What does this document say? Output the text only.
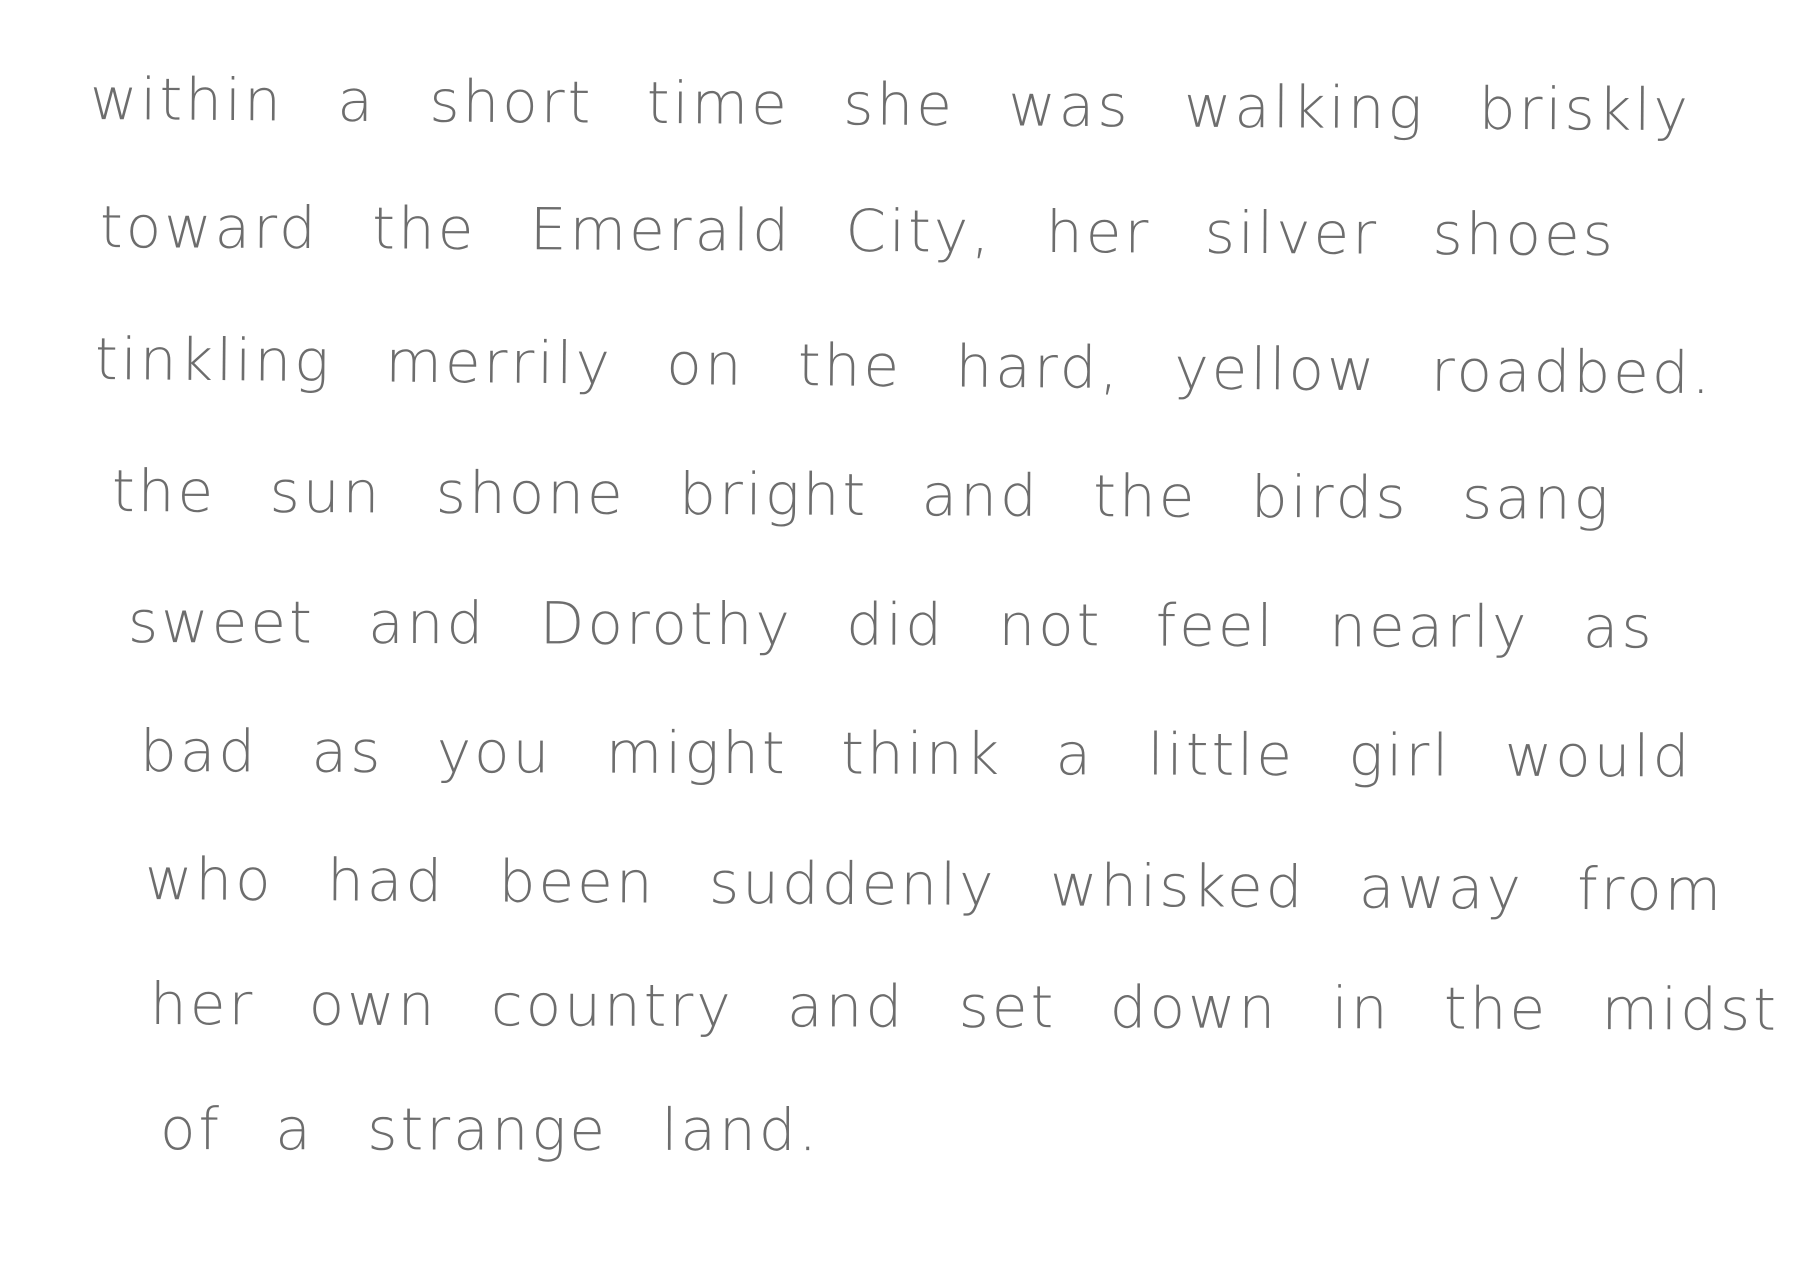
within a short time she was walking briskly
toward the Emerald City, her silver shoes
tinkling merrily on the hard, yellow roadbed.
the sun shone bright and the birds sang
sweet and Dorothy did not feel nearly as
bad as you might think a little girl would
who had been suddenly whisked away from
her own country and set down in the midst
of a strange land.
